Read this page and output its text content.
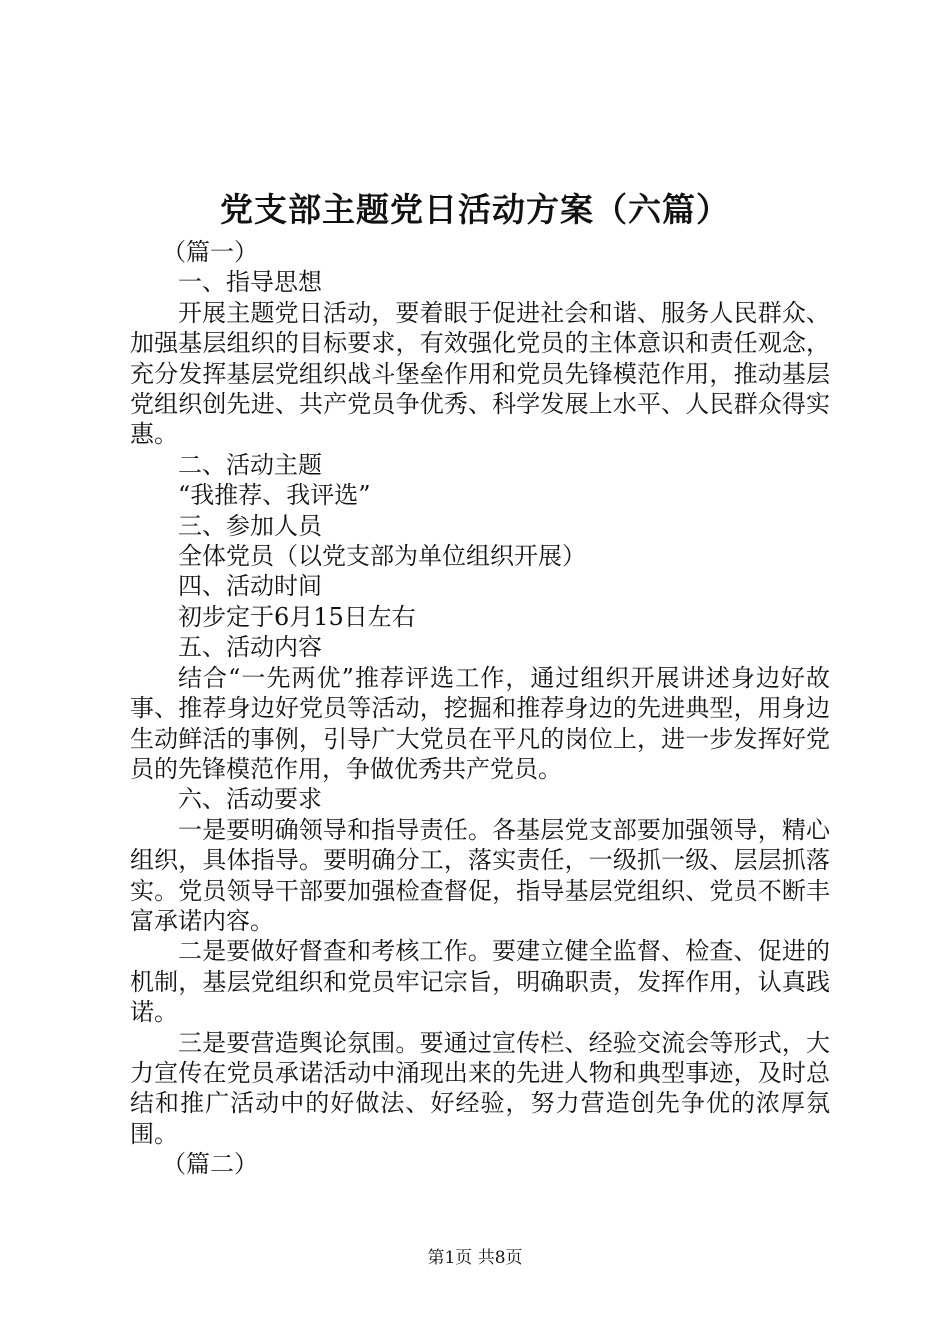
党支部主题党日活动方案（六篇）

（篇一）

一、指导思想

开展主题党日活动，要着眼于促进社会和谐、服务人民群众、加强基层组织的目标要求，有效强化党员的主体意识和责任观念，充分发挥基层党组织战斗堡垒作用和党员先锋模范作用，推动基层党组织创先进、共产党员争优秀、科学发展上水平、人民群众得实惠。

二、活动主题

“我推荐、我评选”

三、参加人员

全体党员（以党支部为单位组织开展）

四、活动时间

初步定于6月15日左右

五、活动内容

结合“一先两优”推荐评选工作，通过组织开展讲述身边好故事、推荐身边好党员等活动，挖掘和推荐身边的先进典型，用身边生动鲜活的事例，引导广大党员在平凡的岗位上，进一步发挥好党员的先锋模范作用，争做优秀共产党员。

六、活动要求

一是要明确领导和指导责任。各基层党支部要加强领导，精心组织，具体指导。要明确分工，落实责任，一级抓一级、层层抓落实。党员领导干部要加强检查督促，指导基层党组织、党员不断丰富承诺内容。

二是要做好督查和考核工作。要建立健全监督、检查、促进的机制，基层党组织和党员牢记宗旨，明确职责，发挥作用，认真践诺。

三是要营造舆论氛围。要通过宣传栏、经验交流会等形式，大力宣传在党员承诺活动中涌现出来的先进人物和典型事迹，及时总结和推广活动中的好做法、好经验，努力营造创先争优的浓厚氛围。

（篇二）

第1页 共8页
